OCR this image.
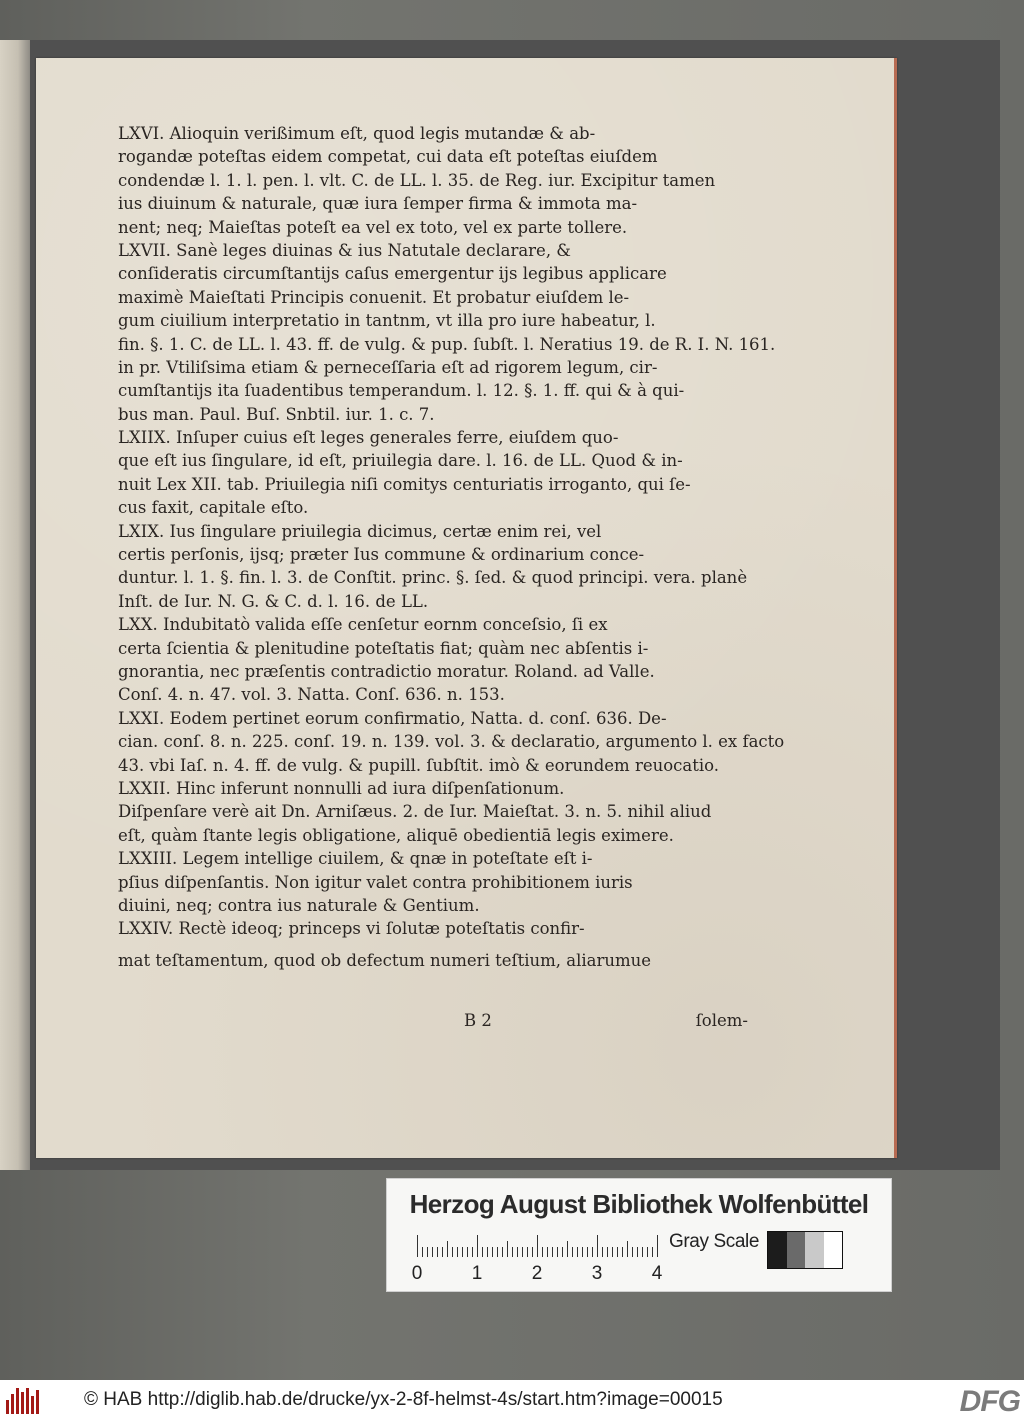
LXVI. Alioquin verißimum eſt, quod legis mutandæ & ab-
rogandæ poteſtas eidem competat, cui data eſt poteſtas eiuſdem
condendæ l. 1. l. pen. l. vlt. C. de LL. l. 35. de Reg. iur. Excipitur tamen
ius diuinum & naturale, quæ iura ſemper firma & immota ma-
nent; neq; Maieſtas poteſt ea vel ex toto, vel ex parte tollere.
LXVII. Sanè leges diuinas & ius Natutale declarare, &
conſideratis circumſtantijs caſus emergentur ijs legibus applicare
maximè Maieſtati Principis conuenit. Et probatur eiuſdem le-
gum ciuilium interpretatio in tantnm, vt illa pro iure habeatur, l.
fin. §. 1. C. de LL. l. 43. ff. de vulg. & pup. ſubſt. l. Neratius 19. de R. I. N. 161.
in pr. Vtiliſsima etiam & perneceſſaria eſt ad rigorem legum, cir-
cumſtantijs ita ſuadentibus temperandum. l. 12. §. 1. ff. qui & à qui-
bus man. Paul. Buſ. Snbtil. iur. 1. c. 7.
LXIIX. Inſuper cuius eſt leges generales ferre, eiuſdem quo-
que eſt ius ſingulare, id eſt, priuilegia dare. l. 16. de LL. Quod & in-
nuit Lex XII. tab. Priuilegia niſi comitys centuriatis irroganto, qui ſe-
cus faxit, capitale eſto.
LXIX. Ius ſingulare priuilegia dicimus, certæ enim rei, vel
certis perſonis, ijsq; præter Ius commune & ordinarium conce-
duntur. l. 1. §. fin. l. 3. de Conſtit. princ. §. ſed. & quod principi. vera. planè
Inſt. de Iur. N. G. & C. d. l. 16. de LL.
LXX. Indubitatò valida eſſe cenſetur eornm conceſsio, ſi ex
certa ſcientia & plenitudine poteſtatis fiat; quàm nec abſentis i-
gnorantia, nec præſentis contradictio moratur. Roland. ad Valle.
Conſ. 4. n. 47. vol. 3. Natta. Conſ. 636. n. 153.
LXXI. Eodem pertinet eorum confirmatio, Natta. d. conſ. 636. De-
cian. conſ. 8. n. 225. conſ. 19. n. 139. vol. 3. & declaratio, argumento l. ex facto
43. vbi Iaſ. n. 4. ff. de vulg. & pupill. ſubſtit. imò & eorundem reuocatio.
LXXII. Hinc inferunt nonnulli ad iura diſpenſationum.
Diſpenſare verè ait Dn. Arniſæus. 2. de Iur. Maieſtat. 3. n. 5. nihil aliud
eſt, quàm ſtante legis obligatione, aliquē obedientiā legis eximere.
LXXIII. Legem intellige ciuilem, & qnæ in poteſtate eſt i-
pſius diſpenſantis. Non igitur valet contra prohibitionem iuris
diuini, neq; contra ius naturale & Gentium.
LXXIV. Rectè ideoq; princeps vi ſolutæ poteſtatis confir-
mat teſtamentum, quod ob defectum numeri teſtium, aliarumue
B 2	ſolem-
Herzog August Bibliothek Wolfenbüttel
0	1	2	3	4
Gray Scale
© HAB http://diglib.hab.de/drucke/yx-2-8f-helmst-4s/start.htm?image=00015	DFG
